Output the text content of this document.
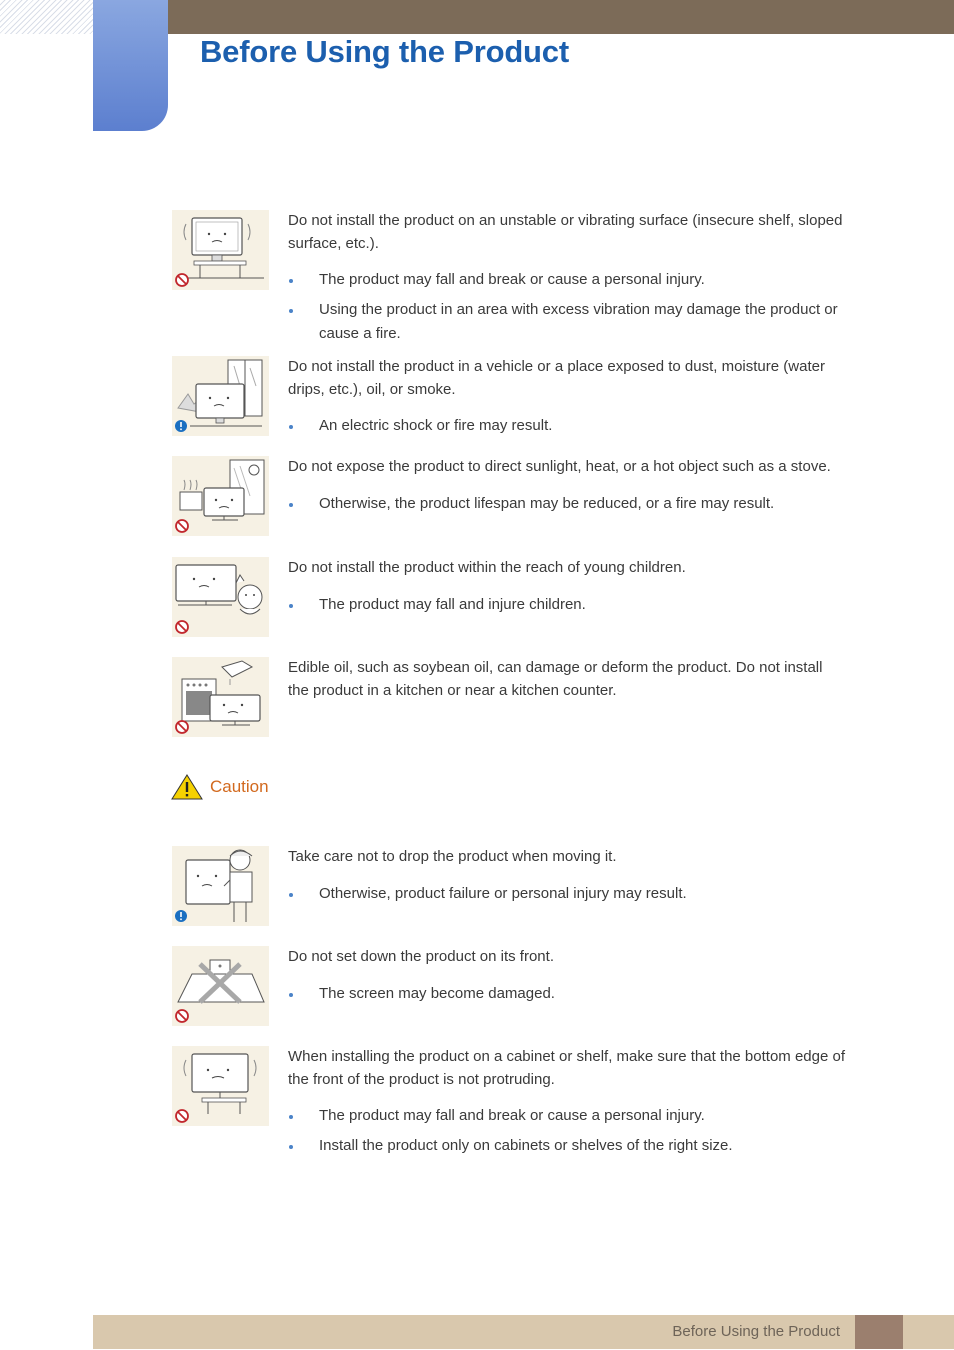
Before Using the Product

Do not install the product on an unstable or vibrating surface (insecure shelf, sloped surface, etc.).

The product may fall and break or cause a personal injury.
Using the product in an area with excess vibration may damage the product or cause a fire.

Do not install the product in a vehicle or a place exposed to dust, moisture (water drips, etc.), oil, or smoke.

An electric shock or fire may result.

Do not expose the product to direct sunlight, heat, or a hot object such as a stove.

Otherwise, the product lifespan may be reduced, or a fire may result.

Do not install the product within the reach of young children.

The product may fall and injure children.

Edible oil, such as soybean oil, can damage or deform the product. Do not install the product in a kitchen or near a kitchen counter.

Caution

Take care not to drop the product when moving it.

Otherwise, product failure or personal injury may result.

Do not set down the product on its front.

The screen may become damaged.

When installing the product on a cabinet or shelf, make sure that the bottom edge of the front of the product is not protruding.

The product may fall and break or cause a personal injury.
Install the product only on cabinets or shelves of the right size.
Before Using the Product
